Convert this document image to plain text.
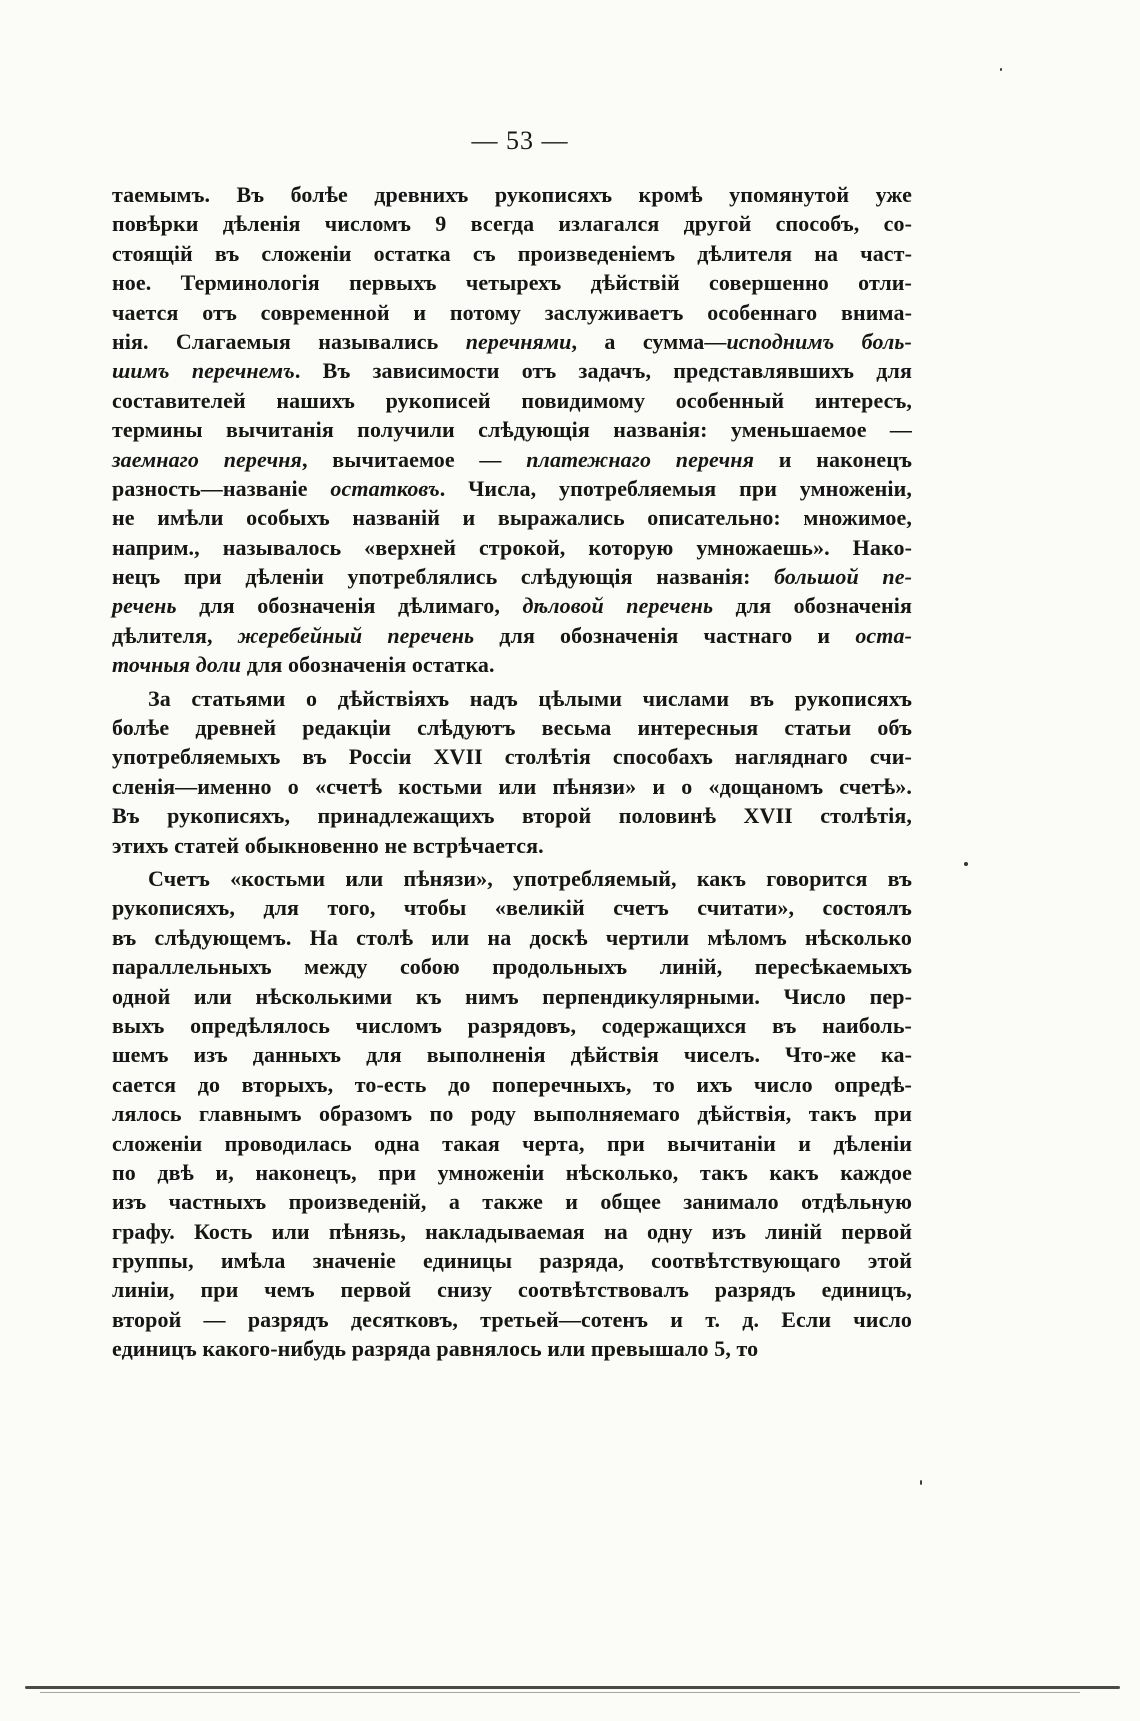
— 53 —
таемымъ. Въ болѣе древнихъ рукописяхъ кромѣ упомянутой уже
повѣрки дѣленія числомъ 9 всегда излагался другой способъ, со-
стоящій въ сложеніи остатка съ произведеніемъ дѣлителя на част-
ное. Терминологія первыхъ четырехъ дѣйствій совершенно отли-
чается отъ современной и потому заслуживаетъ особеннаго внима-
нія. Слагаемыя назывались перечнями, а сумма—исподнимъ боль-
шимъ перечнемъ. Въ зависимости отъ задачъ, представлявшихъ для
составителей нашихъ рукописей повидимому особенный интересъ,
термины вычитанія получили слѣдующія названія: уменьшаемое —
заемнаго перечня, вычитаемое — платежнаго перечня и наконецъ
разность—названіе остатковъ. Числа, употребляемыя при умноженіи,
не имѣли особыхъ названій и выражались описательно: множимое,
наприм., называлось «верхней строкой, которую умножаешь». Нако-
нецъ при дѣленіи употреблялись слѣдующія названія: большой пе-
речень для обозначенія дѣлимаго, дѣловой перечень для обозначенія
дѣлителя, жеребейный перечень для обозначенія частнаго и оста-
точныя доли для обозначенія остатка.
За статьями о дѣйствіяхъ надъ цѣлыми числами въ рукописяхъ
болѣе древней редакціи слѣдуютъ весьма интересныя статьи объ
употребляемыхъ въ Россіи XVII столѣтія способахъ нагляднаго счи-
сленія—именно о «счетѣ костьми или пѣнязи» и о «дощаномъ счетѣ».
Въ рукописяхъ, принадлежащихъ второй половинѣ XVII столѣтія,
этихъ статей обыкновенно не встрѣчается.
Счетъ «костьми или пѣнязи», употребляемый, какъ говорится въ
рукописяхъ, для того, чтобы «великій счетъ считати», состоялъ
въ слѣдующемъ. На столѣ или на доскѣ чертили мѣломъ нѣсколько
параллельныхъ между собою продольныхъ линій, пересѣкаемыхъ
одной или нѣсколькими къ нимъ перпендикулярными. Число пер-
выхъ опредѣлялось числомъ разрядовъ, содержащихся въ наиболь-
шемъ изъ данныхъ для выполненія дѣйствія чиселъ. Что-же ка-
сается до вторыхъ, то-есть до поперечныхъ, то ихъ число опредѣ-
лялось главнымъ образомъ по роду выполняемаго дѣйствія, такъ при
сложеніи проводилась одна такая черта, при вычитаніи и дѣленіи
по двѣ и, наконецъ, при умноженіи нѣсколько, такъ какъ каждое
изъ частныхъ произведеній, а также и общее занимало отдѣльную
графу. Кость или пѣнязь, накладываемая на одну изъ линій первой
группы, имѣла значеніе единицы разряда, соотвѣтствующаго этой
линіи, при чемъ первой снизу соотвѣтствовалъ разрядъ единицъ,
второй — разрядъ десятковъ, третьей—сотенъ и т. д. Если число
единицъ какого-нибудь разряда равнялось или превышало 5, то
